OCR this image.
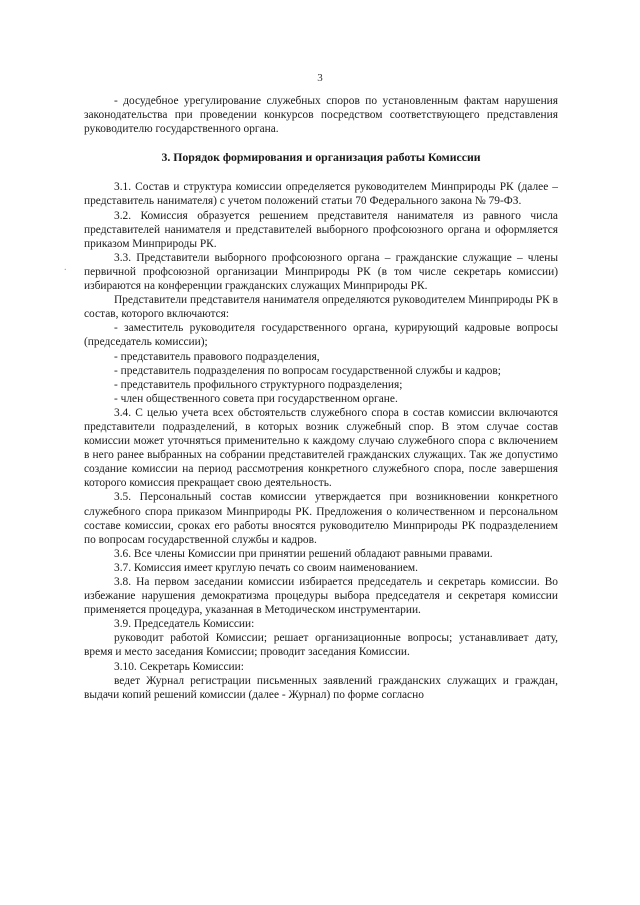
3
.

- досудебное урегулирование служебных споров по установленным фактам нарушения законодательства при проведении конкурсов посредством соответствующего представления руководителю государственного органа.

3. Порядок формирования и организация работы Комиссии

3.1. Состав и структура комиссии определяется руководителем Минприроды РК (далее – представитель нанимателя) с учетом положений статьи 70 Федерального закона № 79-ФЗ.

3.2. Комиссия образуется решением представителя нанимателя из равного числа представителей нанимателя и представителей выборного профсоюзного органа и оформляется приказом Минприроды РК.

3.3. Представители выборного профсоюзного органа – гражданские служащие – члены первичной профсоюзной организации Минприроды РК (в том числе секретарь комиссии) избираются на конференции гражданских служащих Минприроды РК.

Представители представителя нанимателя определяются руководителем Минприроды РК в состав, которого включаются:

- заместитель руководителя государственного органа, курирующий кадровые вопросы (председатель комиссии);

- представитель правового подразделения,

- представитель подразделения по вопросам государственной службы и кадров;

- представитель профильного структурного подразделения;

- член общественного совета при государственном органе.

3.4. С целью учета всех обстоятельств служебного спора в состав комиссии включаются представители подразделений, в которых возник служебный спор. В этом случае состав комиссии может уточняться применительно к каждому случаю служебного спора с включением в него ранее выбранных на собрании представителей гражданских служащих. Так же допустимо создание комиссии на период рассмотрения конкретного служебного спора, после завершения которого комиссия прекращает свою деятельность.

3.5. Персональный состав комиссии утверждается при возникновении конкретного служебного спора приказом Минприроды РК. Предложения о количественном и персональном составе комиссии, сроках его работы вносятся руководителю Минприроды РК подразделением по вопросам государственной службы и кадров.

3.6. Все члены Комиссии при принятии решений обладают равными правами.

3.7. Комиссия имеет круглую печать со своим наименованием.

3.8. На первом заседании комиссии избирается председатель и секретарь комиссии. Во избежание нарушения демократизма процедуры выбора председателя и секретаря комиссии применяется процедура, указанная в Методическом инструментарии.

3.9. Председатель Комиссии:

руководит работой Комиссии; решает организационные вопросы; устанавливает дату, время и место заседания Комиссии; проводит заседания Комиссии.

3.10. Секретарь Комиссии:

ведет Журнал регистрации письменных заявлений гражданских служащих и граждан, выдачи копий решений комиссии (далее - Журнал) по форме согласно
